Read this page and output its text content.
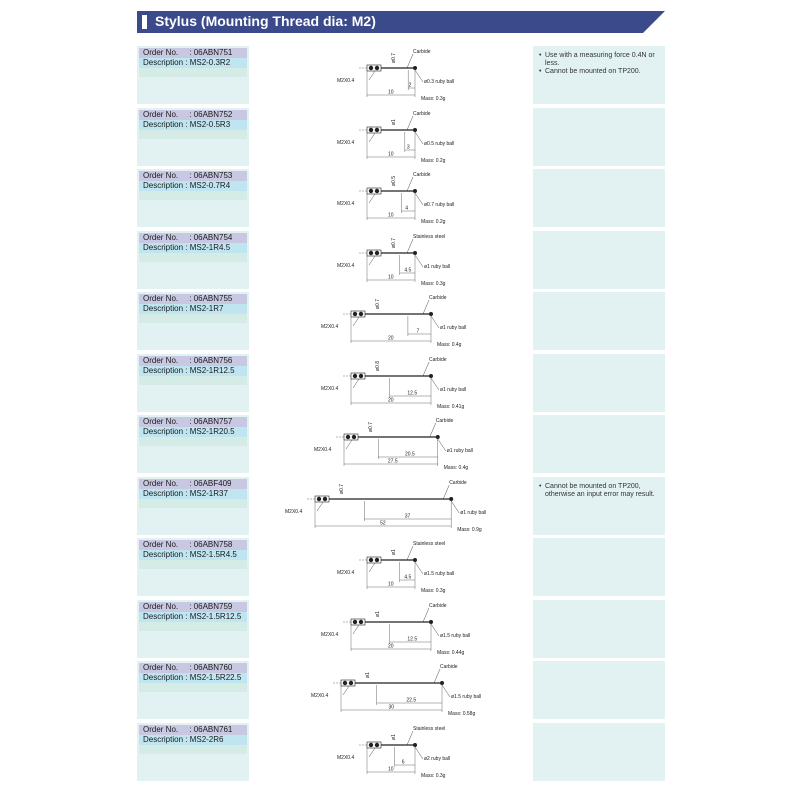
Stylus (Mounting Thread dia: M2)
Order No.     : 06ABN751
Description : MS2-0.3R2
Carbide
ø0.7
ø0.3 ruby ball
M2X0.4
2
10
Mass: 0.3g
• Use with a measuring force 0.4N or less.
• Cannot be mounted on TP200.
Order No.     : 06ABN752
Description : MS2-0.5R3
Carbide
ø1
ø0.5 ruby ball
M2X0.4
3
10
Mass: 0.2g
Order No.     : 06ABN753
Description : MS2-0.7R4
Carbide
ø0.5
ø0.7 ruby ball
M2X0.4
4
10
Mass: 0.2g
Order No.     : 06ABN754
Description : MS2-1R4.5
Stainless steel
ø0.7
ø1 ruby ball
M2X0.4
4.5
10
Mass: 0.3g
Order No.     : 06ABN755
Description : MS2-1R7
Carbide
ø0.7
ø1 ruby ball
M2X0.4
7
20
Mass: 0.4g
Order No.     : 06ABN756
Description : MS2-1R12.5
Carbide
ø0.8
ø1 ruby ball
M2X0.4
12.5
20
Mass: 0.41g
Order No.     : 06ABN757
Description : MS2-1R20.5
Carbide
ø0.7
ø1 ruby ball
M2X0.4
20.5
27.5
Mass: 0.4g
Order No.     : 06ABF409
Description : MS2-1R37
Carbide
ø0.7
ø1 ruby ball
M2X0.4
37
52
Mass: 0.9g
• Cannot be mounted on TP200, otherwise an input error may result.
Order No.     : 06ABN758
Description : MS2-1.5R4.5
Stainless steel
ø1
ø1.5 ruby ball
M2X0.4
4.5
10
Mass: 0.3g
Order No.     : 06ABN759
Description : MS2-1.5R12.5
Carbide
ø1
ø1.5 ruby ball
M2X0.4
12.5
20
Mass: 0.44g
Order No.     : 06ABN760
Description : MS2-1.5R22.5
Carbide
ø1
ø1.5 ruby ball
M2X0.4
22.5
30
Mass: 0.58g
Order No.     : 06ABN761
Description : MS2-2R6
Stainless steel
ø1
ø2 ruby ball
M2X0.4
6
10
Mass: 0.3g
